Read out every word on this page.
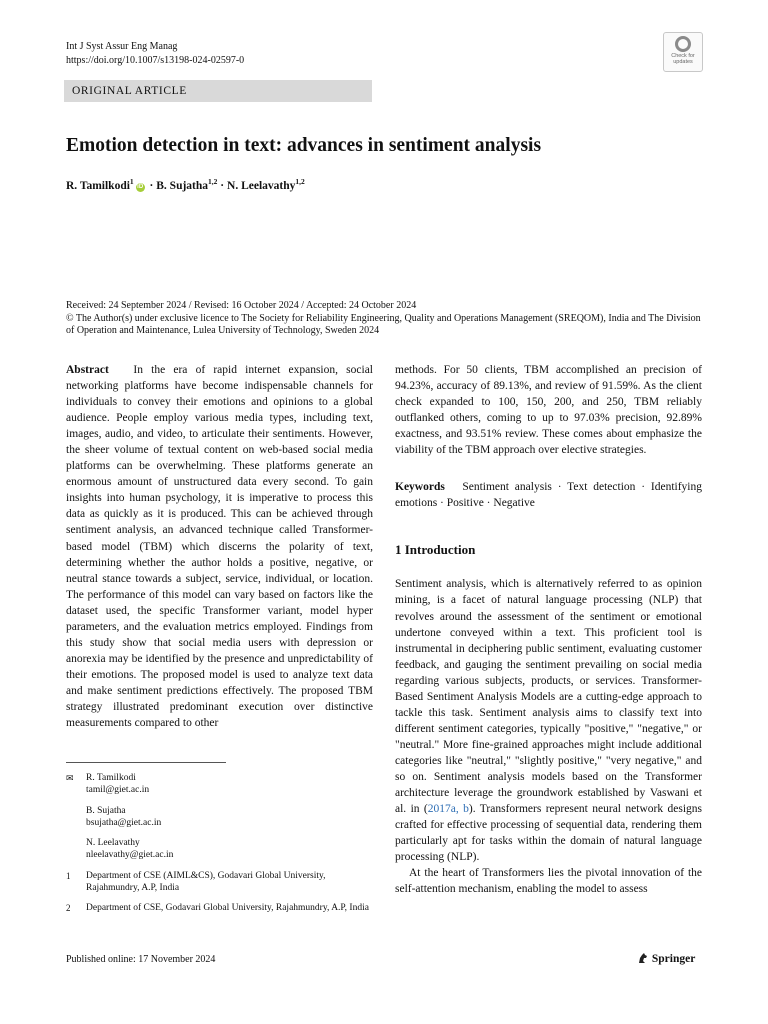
Int J Syst Assur Eng Manag
https://doi.org/10.1007/s13198-024-02597-0	Check for
updates
ORIGINAL ARTICLE
Emotion detection in text: advances in sentiment analysis
R. Tamilkodi$^1$iD · B. Sujatha$^{1,2}$ · N. Leelavathy$^{1,2}$
Received: 24 September 2024 / Revised: 16 October 2024 / Accepted: 24 October 2024
© The Author(s) under exclusive licence to The Society for Reliability Engineering, Quality and Operations Management (SREQOM), India and The Division of Operation and Maintenance, Lulea University of Technology, Sweden 2024

Abstract In the era of rapid internet expansion, social networking platforms have become indispensable channels for individuals to convey their emotions and opinions to a global audience. People employ various media types, including text, images, audio, and video, to articulate their sentiments. However, the sheer volume of textual content on web-based social media platforms can be overwhelming. These platforms generate an enormous amount of unstructured data every second. To gain insights into human psychology, it is imperative to process this data as quickly as it is produced. This can be achieved through sentiment analysis, an advanced technique called Transformer-based model (TBM) which discerns the polarity of text, determining whether the author holds a positive, negative, or neutral stance towards a subject, service, individual, or location. The performance of this model can vary based on factors like the dataset used, the specific Transformer variant, model hyper parameters, and the evaluation metrics employed. Findings from this study show that social media users with depression or anorexia may be identified by the presence and unpredictability of their emotions. The proposed model is used to analyze text data and make sentiment predictions effectively. The proposed TBM strategy illustrated predominant execution over distinctive measurements compared to other

methods. For 50 clients, TBM accomplished an precision of 94.23%, accuracy of 89.13%, and review of 91.59%. As the client check expanded to 100, 150, 200, and 250, TBM reliably outflanked others, coming to up to 97.03% precision, 92.89% exactness, and 93.51% review. These comes about emphasize the viability of the TBM approach over elective strategies.

Keywords Sentiment analysis · Text detection · Identifying emotions · Positive · Negative

1 Introduction

Sentiment analysis, which is alternatively referred to as opinion mining, is a facet of natural language processing (NLP) that revolves around the assessment of the sentiment or emotional undertone conveyed within a text. This proficient tool is instrumental in deciphering public sentiment, evaluating customer feedback, and gauging the sentiment prevailing on social media regarding various subjects, products, or services. Transformer-Based Sentiment Analysis Models are a cutting-edge approach to tackle this task. Sentiment analysis aims to classify text into different sentiment categories, typically "positive," "negative," or "neutral." More fine-grained approaches might include additional categories like "neutral," "slightly positive," "very negative," and so on. Sentiment analysis models based on the Transformer architecture leverage the groundwork established by Vaswani et al. in (2017a, b). Transformers represent neural network designs crafted for effective processing of sequential data, rendering them particularly apt for tasks within the domain of natural language processing (NLP).

At the heart of Transformers lies the pivotal innovation of the self-attention mechanism, enabling the model to assess

✉	R. Tamilkodi
tamil@giet.ac.in
B. Sujatha
bsujatha@giet.ac.in
N. Leelavathy
nleelavathy@giet.ac.in
1	Department of CSE (AIML&CS), Godavari Global University, Rajahmundry, A.P, India
2	Department of CSE, Godavari Global University, Rajahmundry, A.P, India
Published online: 17 November 2024	Springer
